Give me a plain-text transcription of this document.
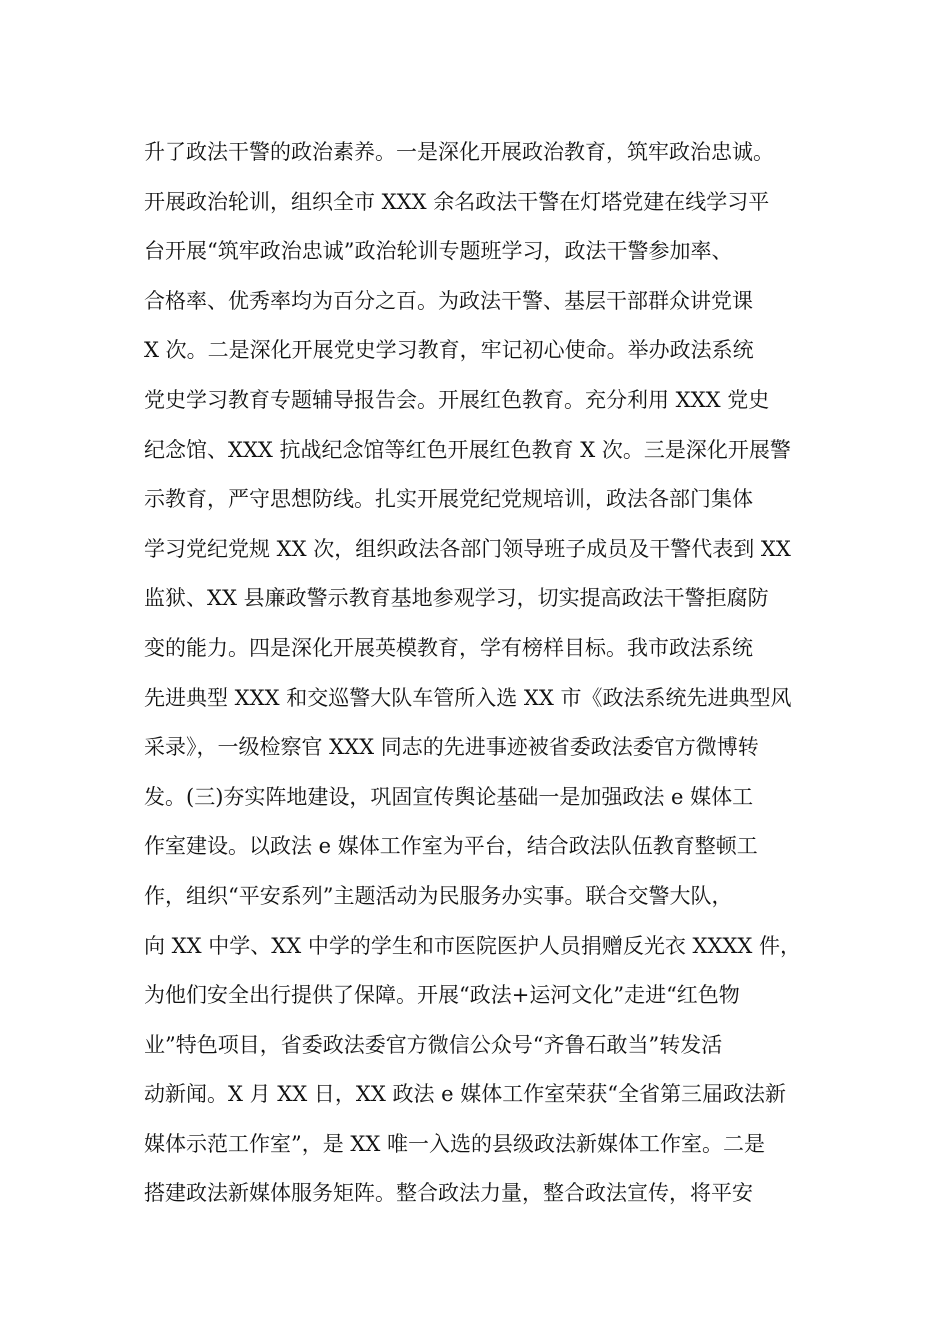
升了政法干警的政治素养。一是深化开展政治教育，筑牢政治忠诚。
开展政治轮训，组织全市 XXX 余名政法干警在灯塔党建在线学习平
台开展“筑牢政治忠诚”政治轮训专题班学习，政法干警参加率、
合格率、优秀率均为百分之百。为政法干警、基层干部群众讲党课
X 次。二是深化开展党史学习教育，牢记初心使命。举办政法系统
党史学习教育专题辅导报告会。开展红色教育。充分利用 XXX 党史
纪念馆、XXX 抗战纪念馆等红色开展红色教育 X 次。三是深化开展警
示教育，严守思想防线。扎实开展党纪党规培训，政法各部门集体
学习党纪党规 XX 次，组织政法各部门领导班子成员及干警代表到 XX
监狱、XX 县廉政警示教育基地参观学习，切实提高政法干警拒腐防
变的能力。四是深化开展英模教育，学有榜样目标。我市政法系统
先进典型 XXX 和交巡警大队车管所入选 XX 市《政法系统先进典型风
采录》，一级检察官 XXX 同志的先进事迹被省委政法委官方微博转
发。(三)夯实阵地建设，巩固宣传舆论基础一是加强政法 e 媒体工
作室建设。以政法 e 媒体工作室为平台，结合政法队伍教育整顿工
作，组织“平安系列”主题活动为民服务办实事。联合交警大队，
向 XX 中学、XX 中学的学生和市医院医护人员捐赠反光衣 XXXX 件，
为他们安全出行提供了保障。开展“政法+运河文化”走进“红色物
业”特色项目，省委政法委官方微信公众号“齐鲁石敢当”转发活
动新闻。X 月 XX 日，XX 政法 e 媒体工作室荣获“全省第三届政法新
媒体示范工作室”，是 XX 唯一入选的县级政法新媒体工作室。二是
搭建政法新媒体服务矩阵。整合政法力量，整合政法宣传，将平安
